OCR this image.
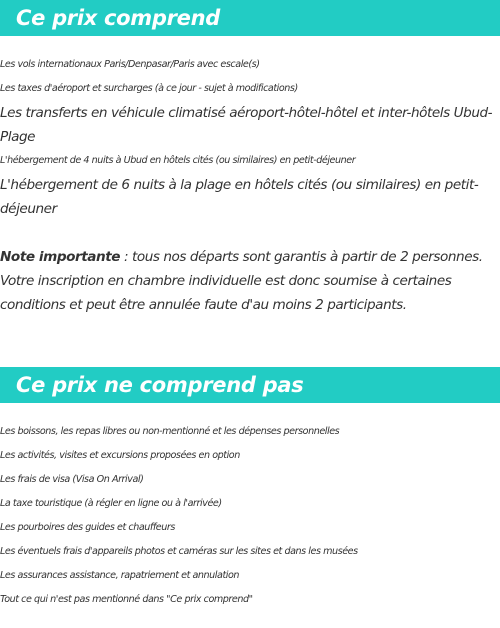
Ce prix comprend
Les vols internationaux Paris/Denpasar/Paris avec escale(s)
Les taxes d'aéroport et surcharges (à ce jour - sujet à modifications)
Les transferts en véhicule climatisé aéroport-hôtel-hôtel et inter-hôtels Ubud-Plage
L'hébergement de 4 nuits à Ubud en hôtels cités (ou similaires) en petit-déjeuner
L'hébergement de 6 nuits à la plage en hôtels cités (ou similaires) en petit-déjeuner

Note importante : tous nos départs sont garantis à partir de 2 personnes. Votre inscription en chambre individuelle est donc soumise à certaines conditions et peut être annulée faute d'au moins 2 participants.

Ce prix ne comprend pas
Les boissons, les repas libres ou non-mentionné et les dépenses personnelles
Les activités, visites et excursions proposées en option
Les frais de visa (Visa On Arrival)
La taxe touristique (à régler en ligne ou à l'arrivée)
Les pourboires des guides et chauffeurs
Les éventuels frais d'appareils photos et caméras sur les sites et dans les musées
Les assurances assistance, rapatriement et annulation
Tout ce qui n'est pas mentionné dans "Ce prix comprend"
